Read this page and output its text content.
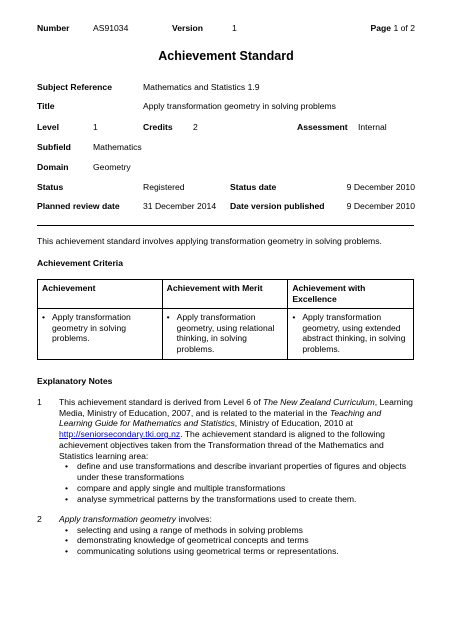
Number	AS91034	Version	1	Page 1 of 2
Achievement Standard
Subject Reference	Mathematics and Statistics 1.9
Title	Apply transformation geometry in solving problems
Level	1	Credits 2	Assessment Internal
Subfield	Mathematics
Domain	Geometry
Status	Registered	Status date	9 December 2010
Planned review date	31 December 2014 Date version published	9 December 2010
This achievement standard involves applying transformation geometry in solving problems.
Achievement Criteria
Achievement	Achievement with Merit	Achievement with Excellence

• Apply transformation geometry in solving problems.	• Apply transformation geometry, using relational thinking, in solving problems.	• Apply transformation geometry, using extended abstract thinking, in solving problems.
Explanatory Notes
1 This achievement standard is derived from Level 6 of The New Zealand Curriculum, Learning Media, Ministry of Education, 2007, and is related to the material in the Teaching and Learning Guide for Mathematics and Statistics, Ministry of Education, 2010 at http://seniorsecondary.tki.org.nz. The achievement standard is aligned to the following achievement objectives taken from the Transformation thread of the Mathematics and Statistics learning area:
•	define and use transformations and describe invariant properties of figures and objects under these transformations
•	compare and apply single and multiple transformations
•	analyse symmetrical patterns by the transformations used to create them.
2 Apply transformation geometry involves:
•	selecting and using a range of methods in solving problems
•	demonstrating knowledge of geometrical concepts and terms
•	communicating solutions using geometrical terms or representations.
